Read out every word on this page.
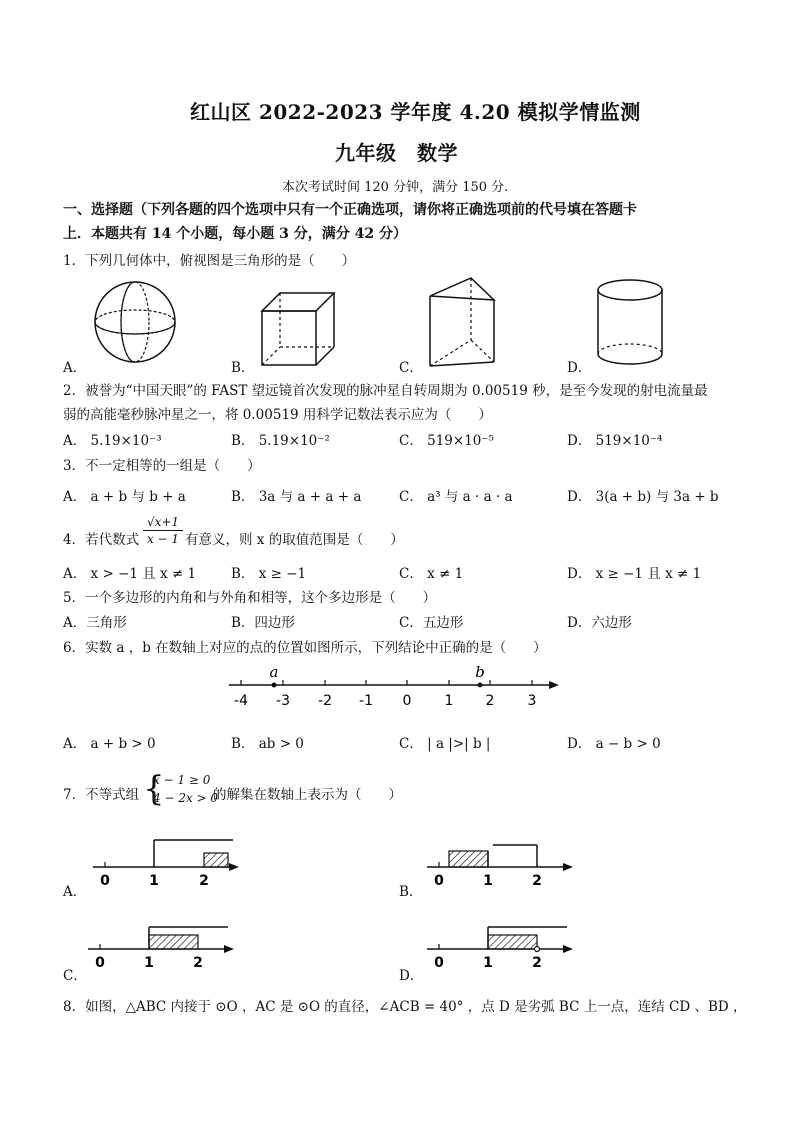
红山区 2022-2023 学年度 4.20 模拟学情监测
九年级　数学
本次考试时间 120 分钟，满分 150 分.
一、选择题（下列各题的四个选项中只有一个正确选项，请你将正确选项前的代号填在答题卡
上．本题共有 14 个小题，每小题 3 分，满分 42 分）
1．下列几何体中，俯视图是三角形的是（　　）
A．	B．	C．	D．
2．被誉为“中国天眼”的 FAST 望远镜首次发现的脉冲星自转周期为 0.00519 秒，是至今发现的射电流量最
弱的高能毫秒脉冲星之一，将 0.00519 用科学记数法表示应为（　　）
A． 5.19×10⁻³	B． 5.19×10⁻²	C． 519×10⁻⁵	D． 519×10⁻⁴
3．不一定相等的一组是（　　）
A． a + b 与 b + a	B． 3a 与 a + a + a	C． a³ 与 a · a · a	D． 3(a + b) 与 3a + b
4．若代数式 $\frac{√x+1}{x - 1}$ 有意义，则 x 的取值范围是（　　）
A． x > −1 且 x ≠ 1	B． x ≥ −1	C． x ≠ 1	D． x ≥ −1 且 x ≠ 1
5．一个多边形的内角和与外角和相等，这个多边形是（　　）
A．三角形	B．四边形	C．五边形	D．六边形
6．实数 a ，b 在数轴上对应的点的位置如图所示，下列结论中正确的是（　　）
-4 -3 -2 -1 0 1 2 3
a	b
A． a + b > 0	B． ab > 0	C． | a |>| b |	D． a − b > 0
7．不等式组 {
x − 1 ≥ 0
4 − 2x > 0
的解集在数轴上表示为（　　）
0	1	2
A．
0	1	2
B．
0	1	2
C．
0	1	2
D．
8．如图，△ABC 内接于 ⊙O ，AC 是 ⊙O 的直径，∠ACB = 40° ，点 D 是劣弧 BC 上一点，连结 CD 、BD ，
